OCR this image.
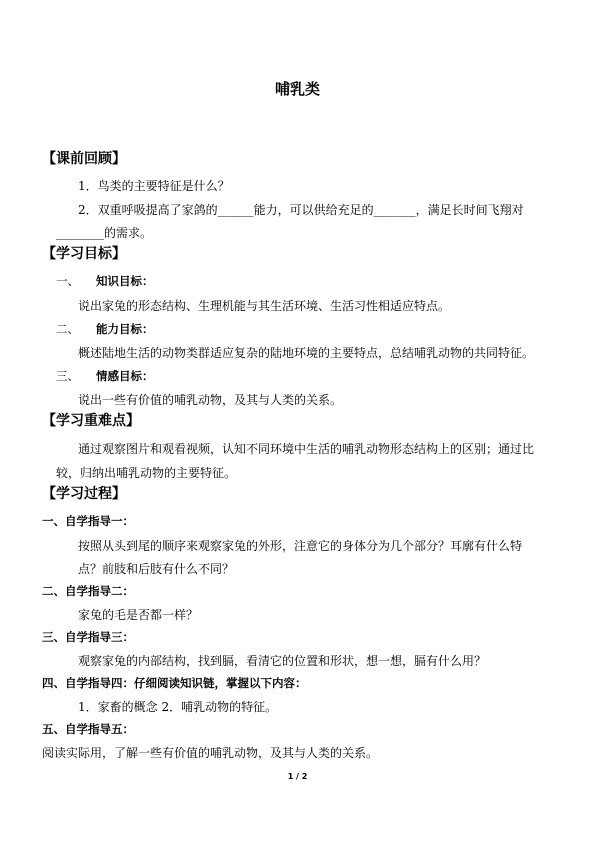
哺乳类
【课前回顾】
1．鸟类的主要特征是什么？
2．双重呼吸提高了家鸽的______能力，可以供给充足的_______，满足长时间飞翔对
________的需求。
【学习目标】
一、 知识目标：
说出家兔的形态结构、生理机能与其生活环境、生活习性相适应特点。
二、 能力目标：
概述陆地生活的动物类群适应复杂的陆地环境的主要特点，总结哺乳动物的共同特征。
三、 情感目标：
说出一些有价值的哺乳动物，及其与人类的关系。
【学习重难点】
通过观察图片和观看视频，认知不同环境中生活的哺乳动物形态结构上的区别；通过比
较，归纳出哺乳动物的主要特征。
【学习过程】
一、自学指导一：
按照从头到尾的顺序来观察家兔的外形，注意它的身体分为几个部分？耳廓有什么特
点？前肢和后肢有什么不同？
二、自学指导二：
家兔的毛是否都一样？
三、自学指导三：
观察家兔的内部结构，找到膈，看清它的位置和形状，想一想，膈有什么用？
四、自学指导四：仔细阅读知识链，掌握以下内容：
1．家畜的概念 2．哺乳动物的特征。
五、自学指导五：
阅读实际用，了解一些有价值的哺乳动物，及其与人类的关系。
1 / 2
